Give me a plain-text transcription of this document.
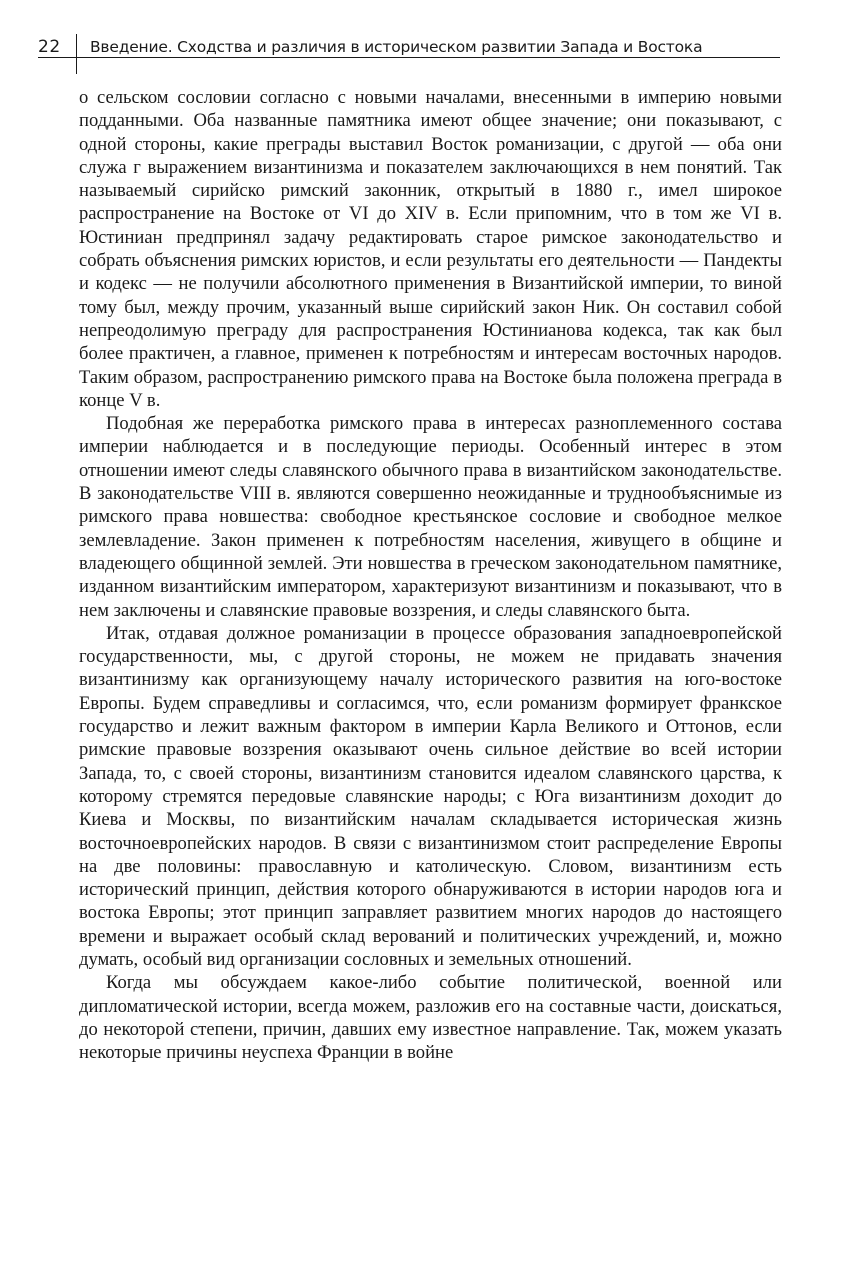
22 Введение. Сходства и различия в историческом развитии Запада и Востока

о сельском сословии согласно с новыми началами, внесенными в империю новыми подданными. Оба названные памятника имеют общее значение; они показывают, с одной стороны, какие преграды выставил Восток романизации, с другой — оба они служа г выражением византинизма и показателем заключающихся в нем понятий. Так называемый сирийско римский законник, открытый в 1880 г., имел широкое распространение на Востоке от VI до XIV в. Если припомним, что в том же VI в. Юстиниан предпринял задачу редактировать старое римское законодательство и собрать объяснения римских юристов, и если результаты его деятельности — Пандекты и кодекс — не получили абсолютного применения в Византийской империи, то виной тому был, между прочим, указанный выше сирийский закон Ник. Он составил собой непреодолимую преграду для распространения Юстинианова кодекса, так как был более практичен, а главное, применен к потребностям и интересам восточных народов. Таким образом, распространению римского права на Востоке была положена преграда в конце V в.

Подобная же переработка римского права в интересах разноплеменного состава империи наблюдается и в последующие периоды. Особенный интерес в этом отношении имеют следы славянского обычного права в византийском законодательстве. В законодательстве VIII в. являются совершенно неожиданные и труднообъяснимые из римского права новшества: свободное крестьянское сословие и свободное мелкое землевладение. Закон применен к потребностям населения, живущего в общине и владеющего общинной землей. Эти новшества в греческом законодательном памятнике, изданном византийским императором, характеризуют византинизм и показывают, что в нем заключены и славянские правовые воззрения, и следы славянского быта.

Итак, отдавая должное романизации в процессе образования западноевропейской государственности, мы, с другой стороны, не можем не придавать значения византинизму как организующему началу исторического развития на юго-востоке Европы. Будем справедливы и согласимся, что, если романизм формирует франкское государство и лежит важным фактором в империи Карла Великого и Оттонов, если римские правовые воззрения оказывают очень сильное действие во всей истории Запада, то, с своей стороны, византинизм становится идеалом славянского царства, к которому стремятся передовые славянские народы; с Юга византинизм доходит до Киева и Москвы, по византийским началам складывается историческая жизнь восточноевропейских народов. В связи с византинизмом стоит распределение Европы на две половины: православную и католическую. Словом, византинизм есть исторический принцип, действия которого обнаруживаются в истории народов юга и востока Европы; этот принцип заправляет развитием многих народов до настоящего времени и выражает особый склад верований и политических учреждений, и, можно думать, особый вид организации сословных и земельных отношений.

Когда мы обсуждаем какое-либо событие политической, военной или дипломатической истории, всегда можем, разложив его на составные части, доискаться, до некоторой степени, причин, давших ему известное направление. Так, можем указать некоторые причины неуспеха Франции в войне
